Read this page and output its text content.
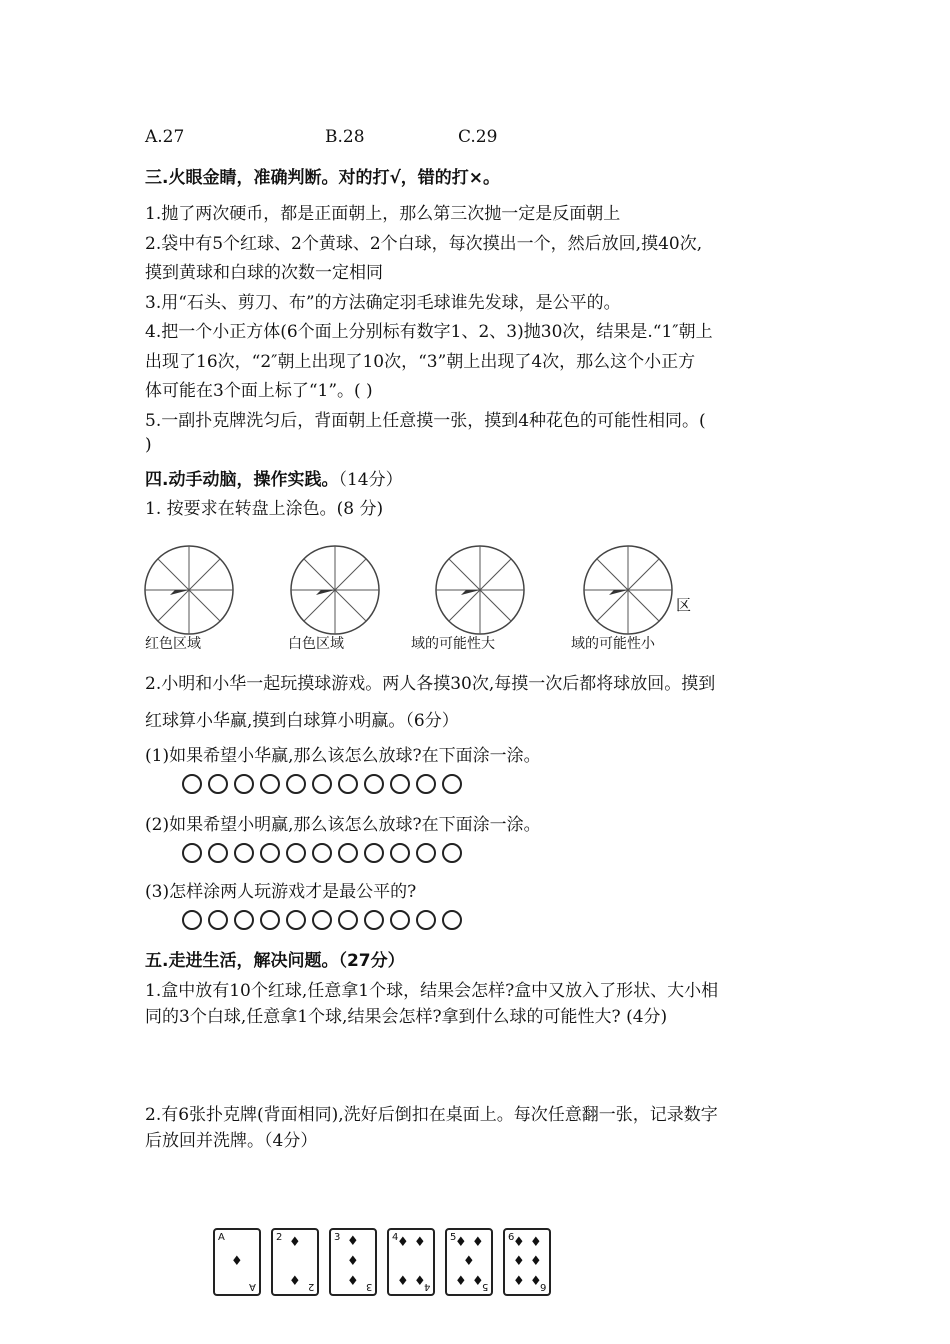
A.27	B.28	C.29
三.火眼金睛，准确判断。对的打√，错的打×。
1.抛了两次硬币，都是正面朝上，那么第三次抛一定是反面朝上
2.袋中有5个红球、2个黄球、2个白球，每次摸出一个，然后放回,摸40次,
摸到黄球和白球的次数一定相同
3.用“石头、剪刀、布”的方法确定羽毛球谁先发球，是公平的。
4.把一个小正方体(6个面上分别标有数字1、2、3)抛30次，结果是.“1″朝上
出现了16次，“2″朝上出现了10次，“3”朝上出现了4次，那么这个小正方
体可能在3个面上标了“1”。( )
5.一副扑克牌洗匀后，背面朝上任意摸一张，摸到4种花色的可能性相同。(
)
四.动手动脑，操作实践。（14分）
1. 按要求在转盘上涂色。(8 分)
区
红色区域	白色区域	域的可能性大	域的可能性小
2.小明和小华一起玩摸球游戏。两人各摸30次,每摸一次后都将球放回。摸到
红球算小华赢,摸到白球算小明赢。（6分）
(1)如果希望小华赢,那么该怎么放球?在下面涂一涂。
(2)如果希望小明赢,那么该怎么放球?在下面涂一涂。
(3)怎样涂两人玩游戏才是最公平的?
五.走进生活，解决问题。（27分）
1.盒中放有10个红球,任意拿1个球，结果会怎样?盒中又放入了形状、大小相
同的3个白球,任意拿1个球,结果会怎样?拿到什么球的可能性大? (4分)
2.有6张扑克牌(背面相同),洗好后倒扣在桌面上。每次任意翻一张，记录数字
后放回并洗牌。（4分）
A
A
♦
2
2
♦
♦
3
3
♦
♦
♦
4
4
♦ ♦
♦ ♦
5
5
♦ ♦
♦
♦ ♦
6
6
♦ ♦
♦ ♦
♦ ♦
